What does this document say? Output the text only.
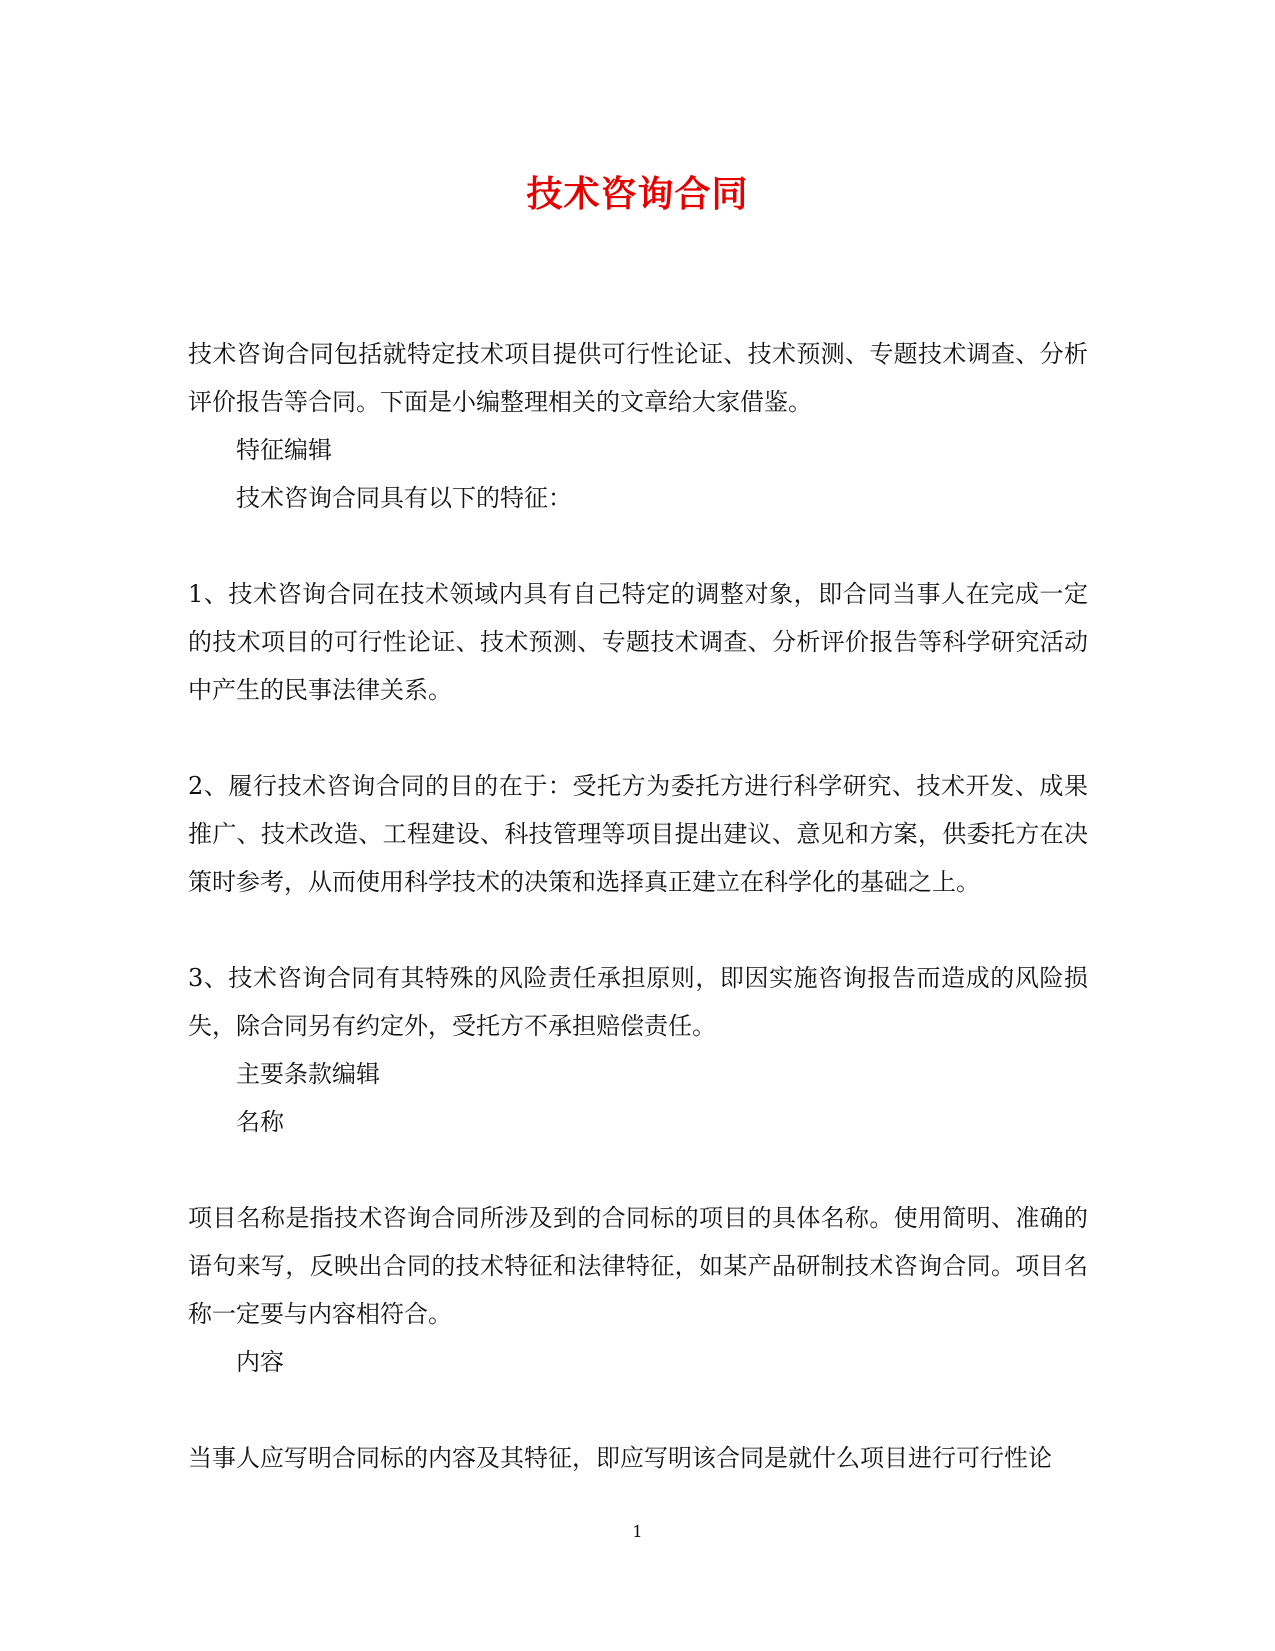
技术咨询合同

技术咨询合同包括就特定技术项目提供可行性论证、技术预测、专题技术调查、分析评价报告等合同。下面是小编整理相关的文章给大家借鉴。

特征编辑

技术咨询合同具有以下的特征：

1、技术咨询合同在技术领域内具有自己特定的调整对象，即合同当事人在完成一定的技术项目的可行性论证、技术预测、专题技术调查、分析评价报告等科学研究活动中产生的民事法律关系。

2、履行技术咨询合同的目的在于：受托方为委托方进行科学研究、技术开发、成果推广、技术改造、工程建设、科技管理等项目提出建议、意见和方案，供委托方在决策时参考，从而使用科学技术的决策和选择真正建立在科学化的基础之上。

3、技术咨询合同有其特殊的风险责任承担原则，即因实施咨询报告而造成的风险损失，除合同另有约定外，受托方不承担赔偿责任。

主要条款编辑

名称

项目名称是指技术咨询合同所涉及到的合同标的项目的具体名称。使用简明、准确的语句来写，反映出合同的技术特征和法律特征，如某产品研制技术咨询合同。项目名称一定要与内容相符合。

内容

当事人应写明合同标的内容及其特征，即应写明该合同是就什么项目进行可行性论

1
